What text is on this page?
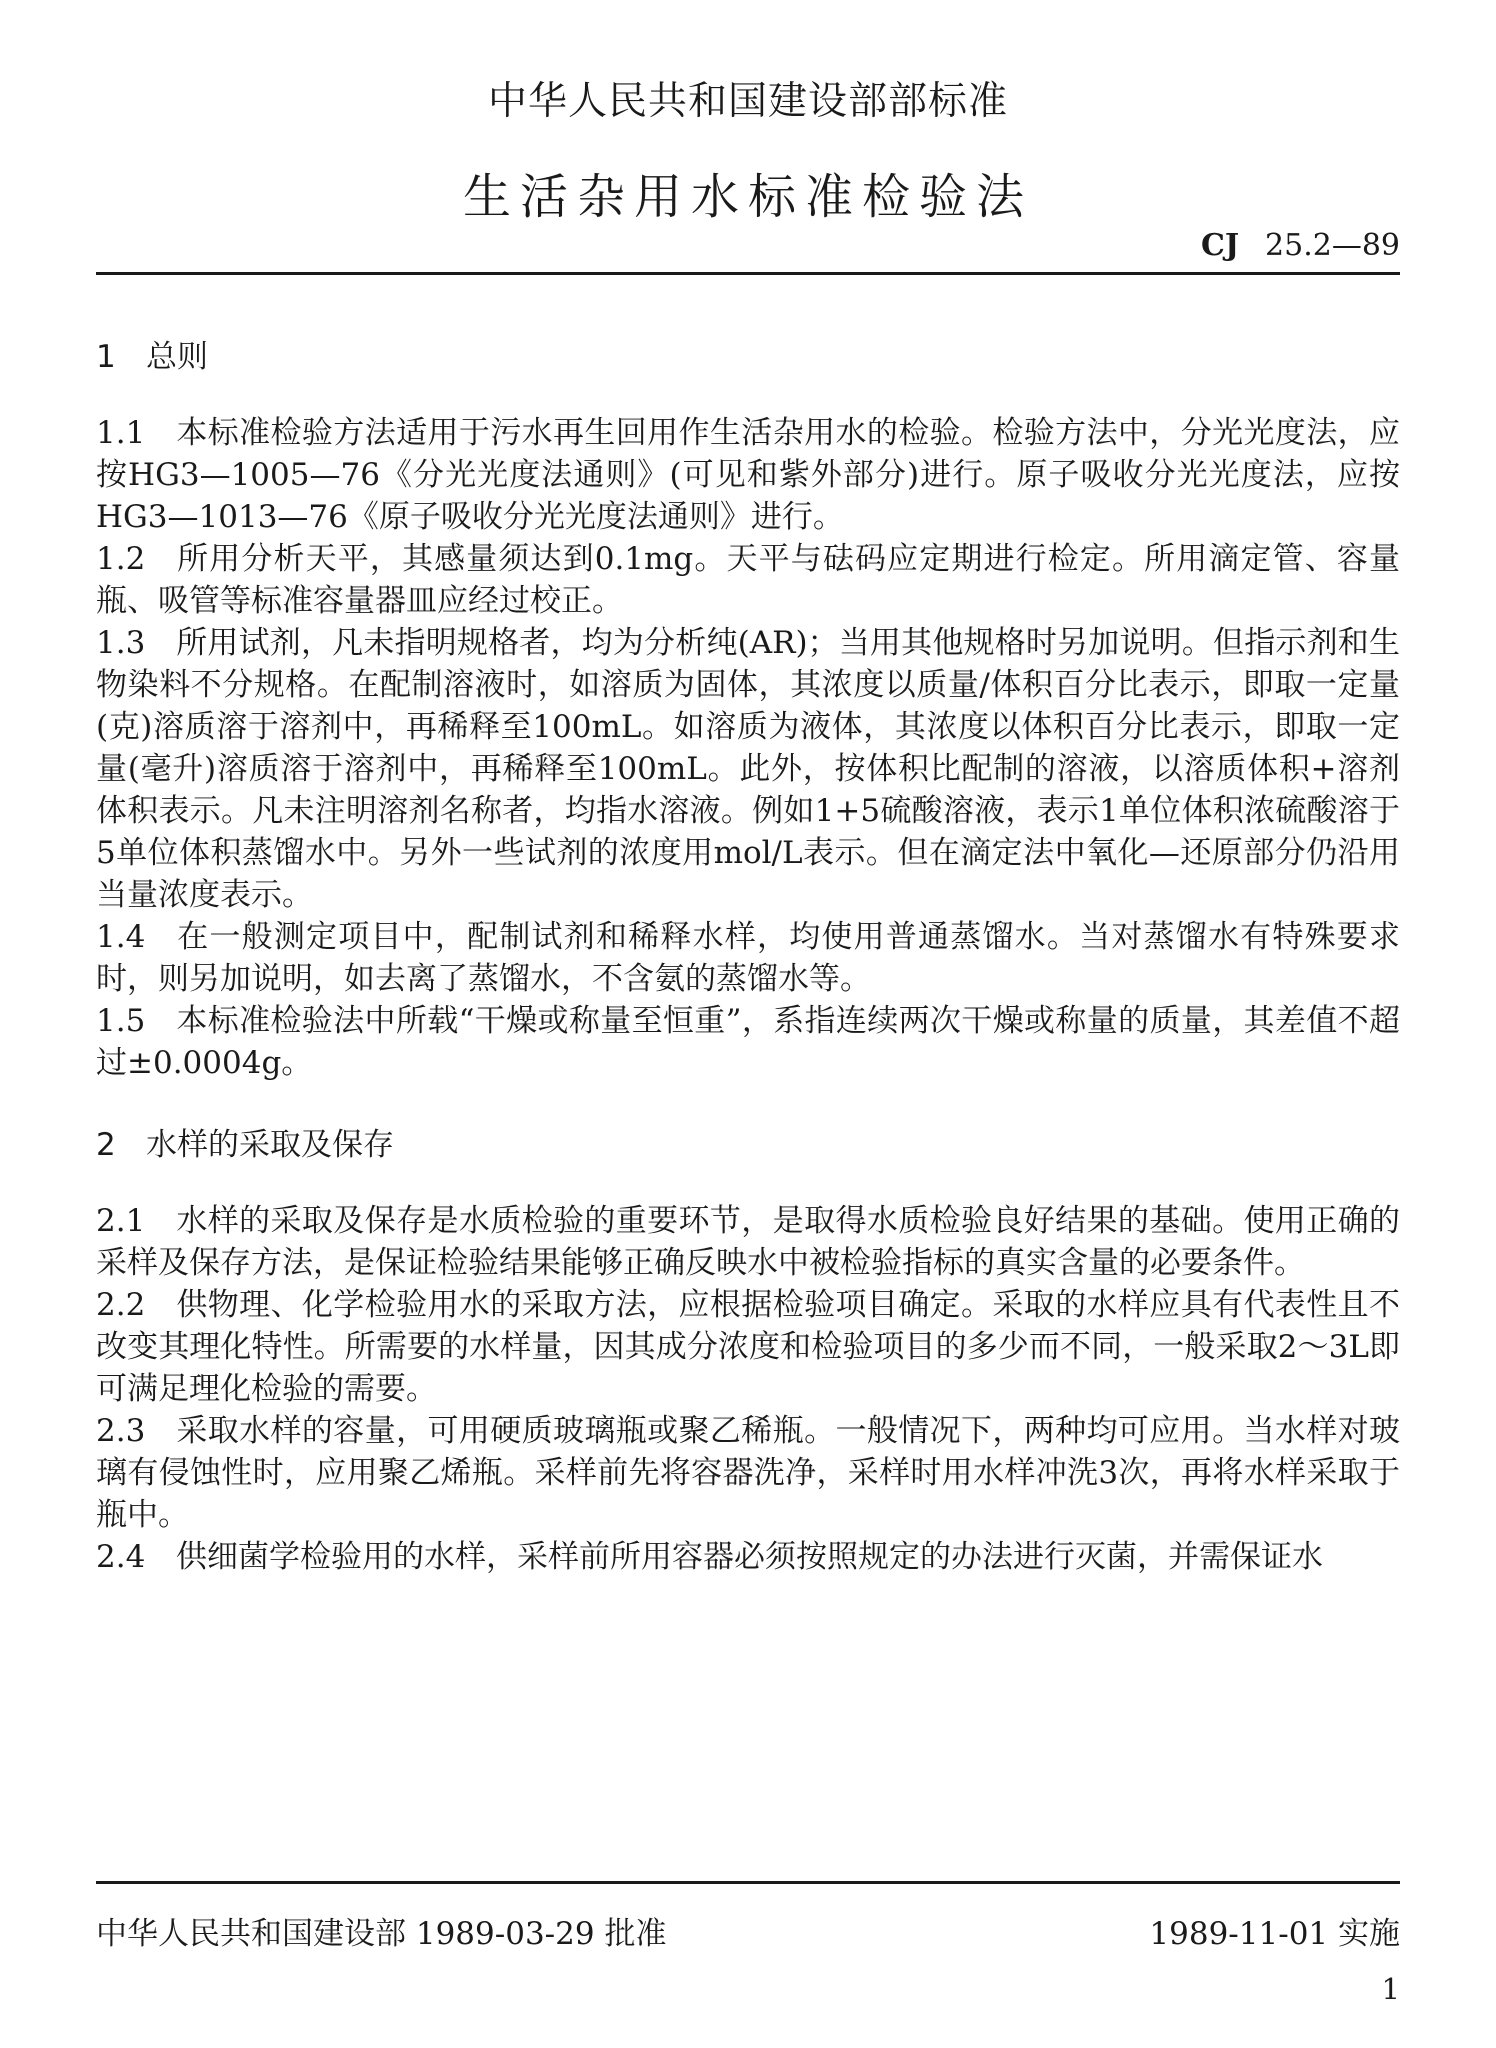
中华人民共和国建设部部标准
生活杂用水标准检验法

CJ 25.2—89

1 总则

1.1 本标准检验方法适用于污水再生回用作生活杂用水的检验。检验方法中，分光光度法，应按HG3—1005—76《分光光度法通则》(可见和紫外部分)进行。原子吸收分光光度法，应按HG3—1013—76《原子吸收分光光度法通则》进行。

1.2 所用分析天平，其感量须达到0.1mg。天平与砝码应定期进行检定。所用滴定管、容量瓶、吸管等标准容量器皿应经过校正。

1.3 所用试剂，凡未指明规格者，均为分析纯(AR)；当用其他规格时另加说明。但指示剂和生物染料不分规格。在配制溶液时，如溶质为固体，其浓度以质量/体积百分比表示，即取一定量(克)溶质溶于溶剂中，再稀释至100mL。如溶质为液体，其浓度以体积百分比表示，即取一定量(毫升)溶质溶于溶剂中，再稀释至100mL。此外，按体积比配制的溶液，以溶质体积+溶剂体积表示。凡未注明溶剂名称者，均指水溶液。例如1+5硫酸溶液，表示1单位体积浓硫酸溶于5单位体积蒸馏水中。另外一些试剂的浓度用mol/L表示。但在滴定法中氧化—还原部分仍沿用当量浓度表示。

1.4 在一般测定项目中，配制试剂和稀释水样，均使用普通蒸馏水。当对蒸馏水有特殊要求时，则另加说明，如去离了蒸馏水，不含氨的蒸馏水等。

1.5 本标准检验法中所载“干燥或称量至恒重”，系指连续两次干燥或称量的质量，其差值不超过±0.0004g。

2 水样的采取及保存

2.1 水样的采取及保存是水质检验的重要环节，是取得水质检验良好结果的基础。使用正确的采样及保存方法，是保证检验结果能够正确反映水中被检验指标的真实含量的必要条件。

2.2 供物理、化学检验用水的采取方法，应根据检验项目确定。采取的水样应具有代表性且不改变其理化特性。所需要的水样量，因其成分浓度和检验项目的多少而不同，一般采取2～3L即可满足理化检验的需要。

2.3 采取水样的容量，可用硬质玻璃瓶或聚乙稀瓶。一般情况下，两种均可应用。当水样对玻璃有侵蚀性时，应用聚乙烯瓶。采样前先将容器洗净，采样时用水样冲洗3次，再将水样采取于瓶中。

2.4 供细菌学检验用的水样，采样前所用容器必须按照规定的办法进行灭菌，并需保证水

中华人民共和国建设部 1989-03-29 批准	1989-11-01 实施

1
